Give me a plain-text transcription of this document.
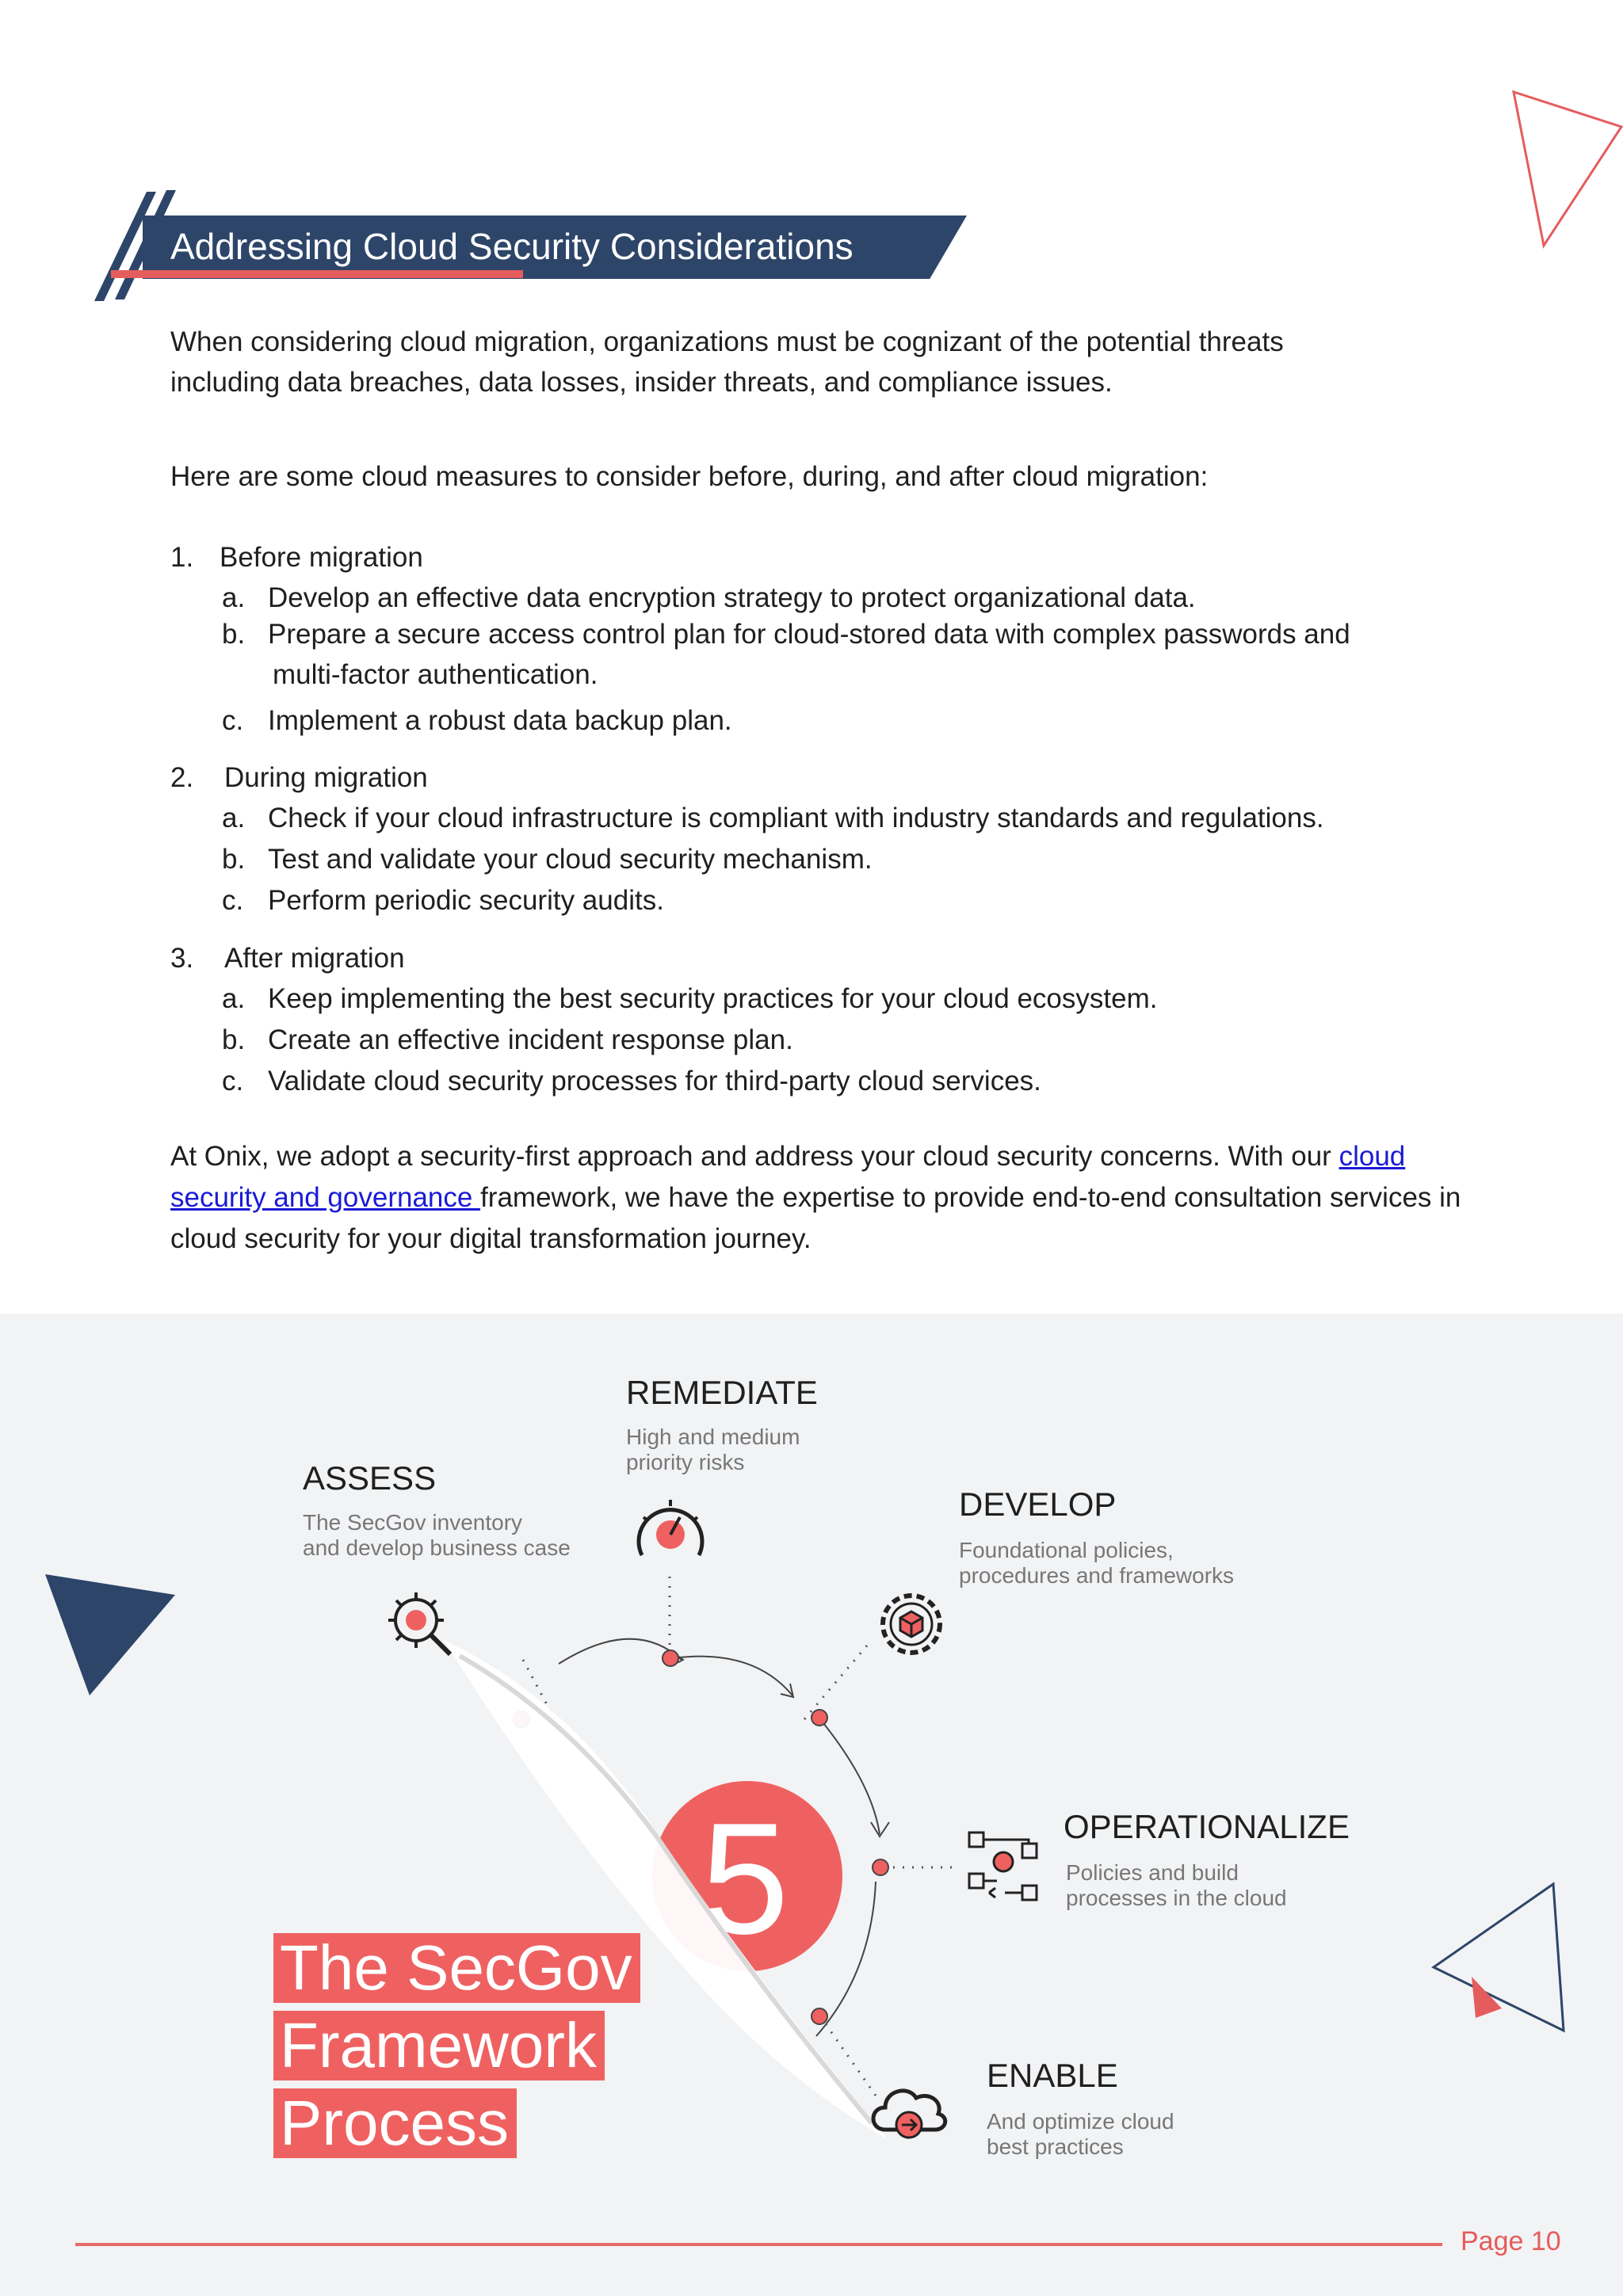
Addressing Cloud Security Considerations
When considering cloud migration, organizations must be cognizant of the potential threats
including data breaches, data losses, insider threats, and compliance issues.
Here are some cloud measures to consider before, during, and after cloud migration:
1. Before migration
a. Develop an effective data encryption strategy to protect organizational data.
b. Prepare a secure access control plan for cloud-stored data with complex passwords and
multi-factor authentication.
c. Implement a robust data backup plan.
2. During migration
a. Check if your cloud infrastructure is compliant with industry standards and regulations.
b. Test and validate your cloud security mechanism.
c. Perform periodic security audits.
3. After migration
a. Keep implementing the best security practices for your cloud ecosystem.
b. Create an effective incident response plan.
c. Validate cloud security processes for third-party cloud services.
At Onix, we adopt a security-first approach and address your cloud security concerns. With our cloud
security and governance framework, we have the expertise to provide end-to-end consultation services in
cloud security for your digital transformation journey.
5
ASSESS
The SecGov inventory
and develop business case
REMEDIATE
High and medium
priority risks
DEVELOP
Foundational policies,
procedures and frameworks
OPERATIONALIZE
Policies and build
processes in the cloud
ENABLE
And optimize cloud
best practices
The SecGov
Framework
Process
Page 10
